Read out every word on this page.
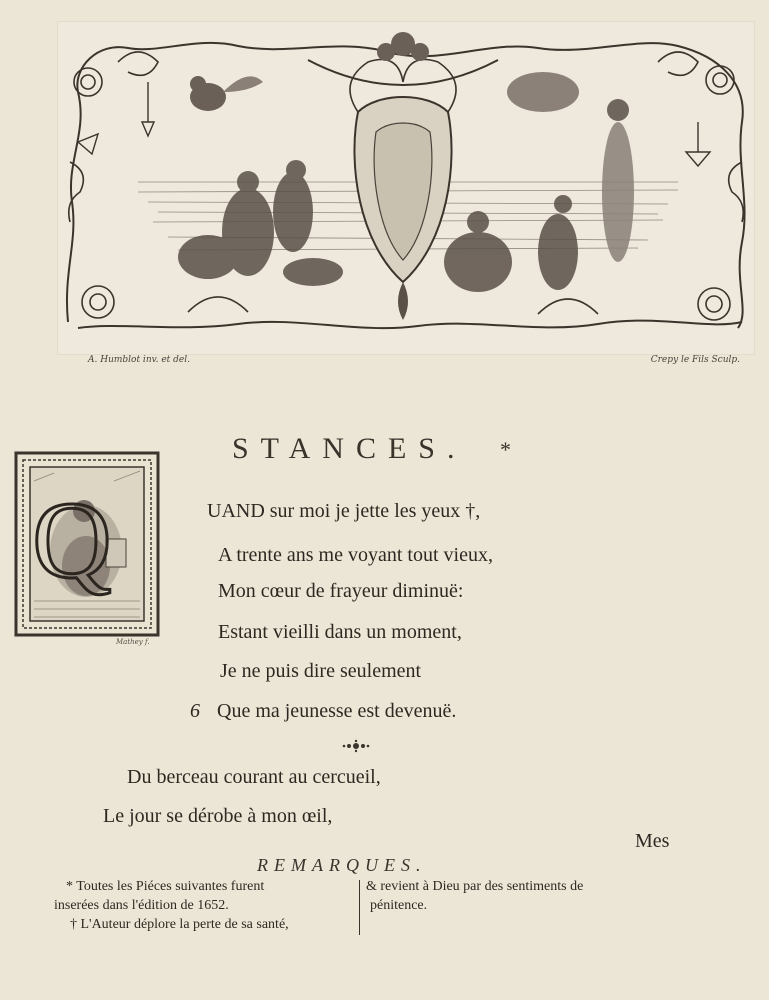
A. Humblot inv. et del.	Crepy le Fils Sculp.
STANCES. *
Q
Mathey f.
UAND sur moi je jette les yeux †,
A trente ans me voyant tout vieux,
Mon cœur de frayeur diminuë:
Estant vieilli dans un moment,
Je ne puis dire seulement
6 Que ma jeunesse est devenuë.
Du berceau courant au cercueil,
Le jour se dérobe à mon œil,
Mes
REMARQUES.
* Toutes les Piéces suivantes furent
inserées dans l'édition de 1652.
† L'Auteur déplore la perte de sa santé,
& revient à Dieu par des sentiments de
pénitence.
